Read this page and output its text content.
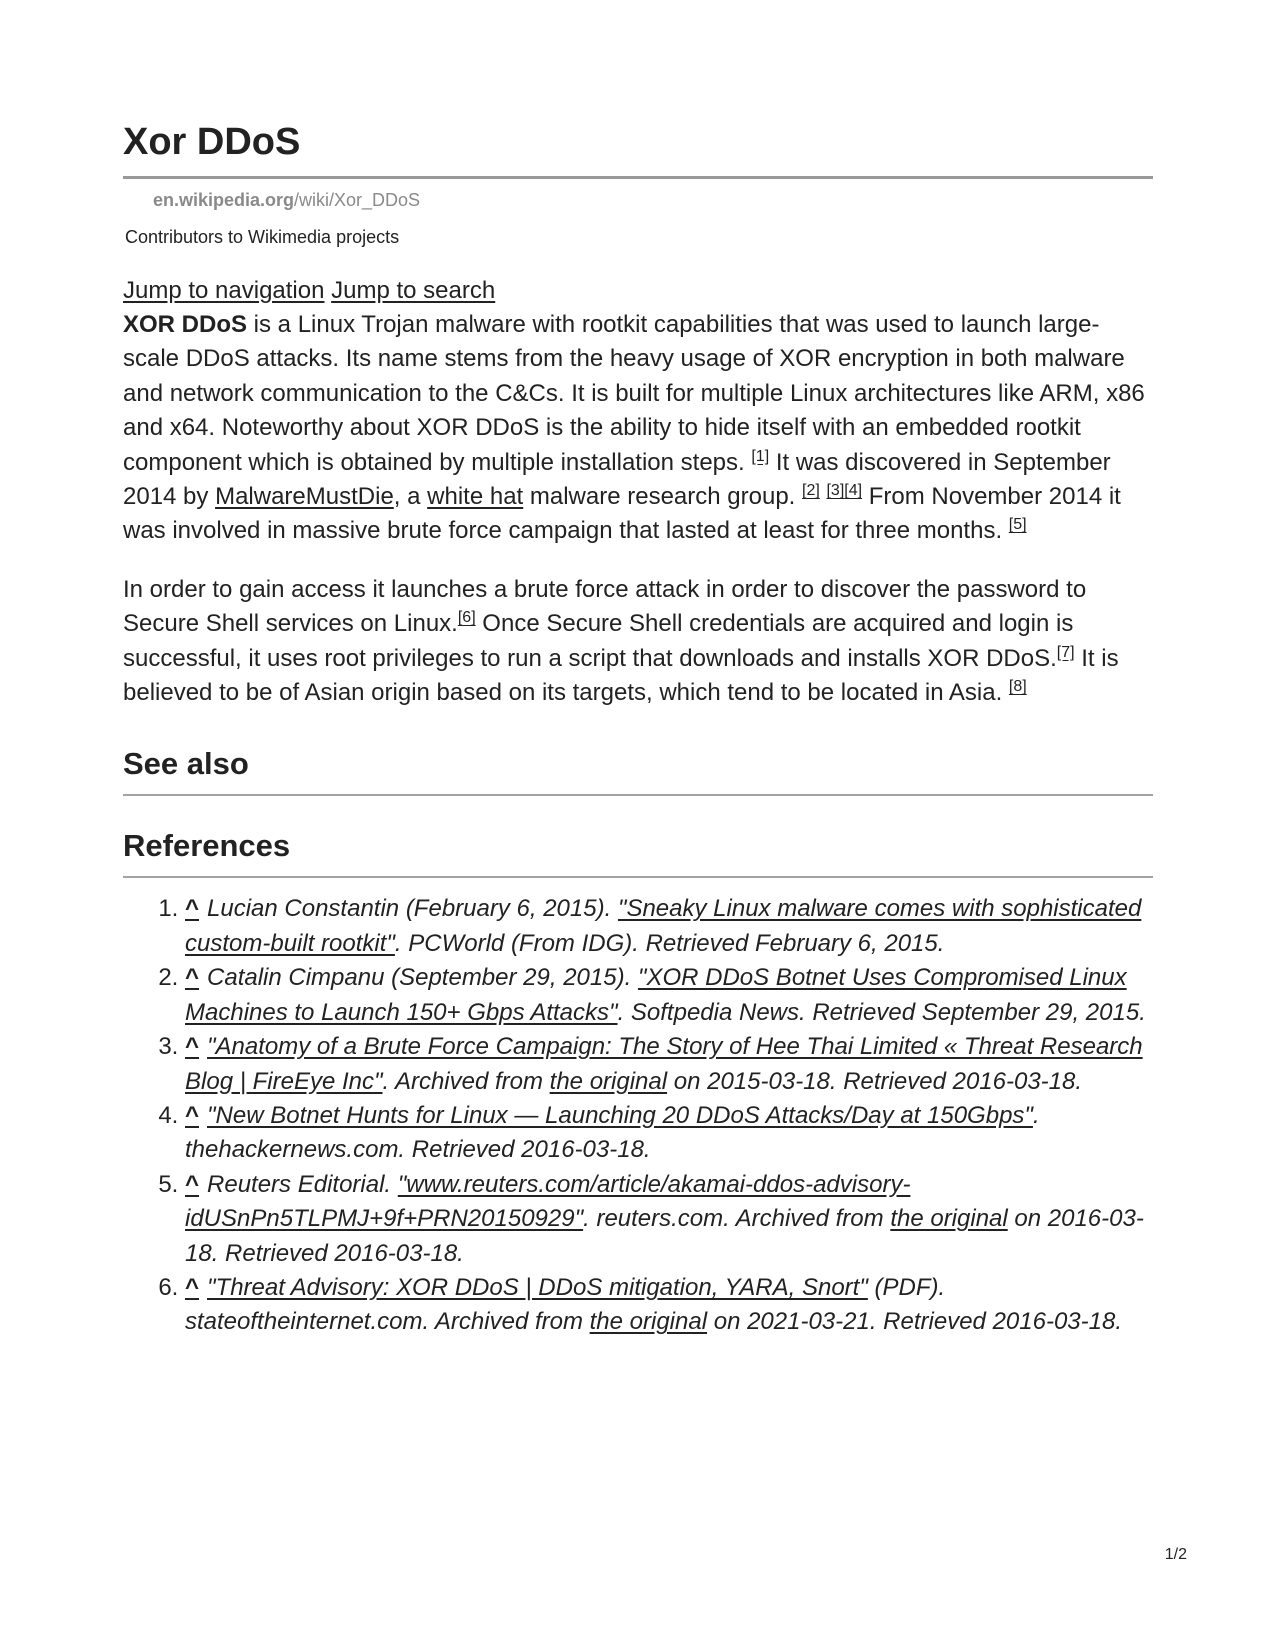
Xor DDoS
en.wikipedia.org/wiki/Xor_DDoS
Contributors to Wikimedia projects
Jump to navigation Jump to search

XOR DDoS is a Linux Trojan malware with rootkit capabilities that was used to launch large-scale DDoS attacks. Its name stems from the heavy usage of XOR encryption in both malware and network communication to the C&Cs. It is built for multiple Linux architectures like ARM, x86 and x64. Noteworthy about XOR DDoS is the ability to hide itself with an embedded rootkit component which is obtained by multiple installation steps. [1] It was discovered in September 2014 by MalwareMustDie, a white hat malware research group. [2] [3][4] From November 2014 it was involved in massive brute force campaign that lasted at least for three months. [5]

In order to gain access it launches a brute force attack in order to discover the password to Secure Shell services on Linux.[6] Once Secure Shell credentials are acquired and login is successful, it uses root privileges to run a script that downloads and installs XOR DDoS.[7] It is believed to be of Asian origin based on its targets, which tend to be located in Asia. [8]

See also
References
1. ^ Lucian Constantin (February 6, 2015). "Sneaky Linux malware comes with sophisticated custom-built rootkit". PCWorld (From IDG). Retrieved February 6, 2015.
2. ^ Catalin Cimpanu (September 29, 2015). "XOR DDoS Botnet Uses Compromised Linux Machines to Launch 150+ Gbps Attacks". Softpedia News. Retrieved September 29, 2015.
3. ^ "Anatomy of a Brute Force Campaign: The Story of Hee Thai Limited « Threat Research Blog | FireEye Inc". Archived from the original on 2015-03-18. Retrieved 2016-03-18.
4. ^ "New Botnet Hunts for Linux — Launching 20 DDoS Attacks/Day at 150Gbps". thehackernews.com. Retrieved 2016-03-18.
5. ^ Reuters Editorial. "www.reuters.com/article/akamai-ddos-advisory-idUSnPn5TLPMJ+9f+PRN20150929". reuters.com. Archived from the original on 2016-03-18. Retrieved 2016-03-18.
6. ^ "Threat Advisory: XOR DDoS | DDoS mitigation, YARA, Snort" (PDF). stateoftheinternet.com. Archived from the original on 2021-03-21. Retrieved 2016-03-18.
1/2
